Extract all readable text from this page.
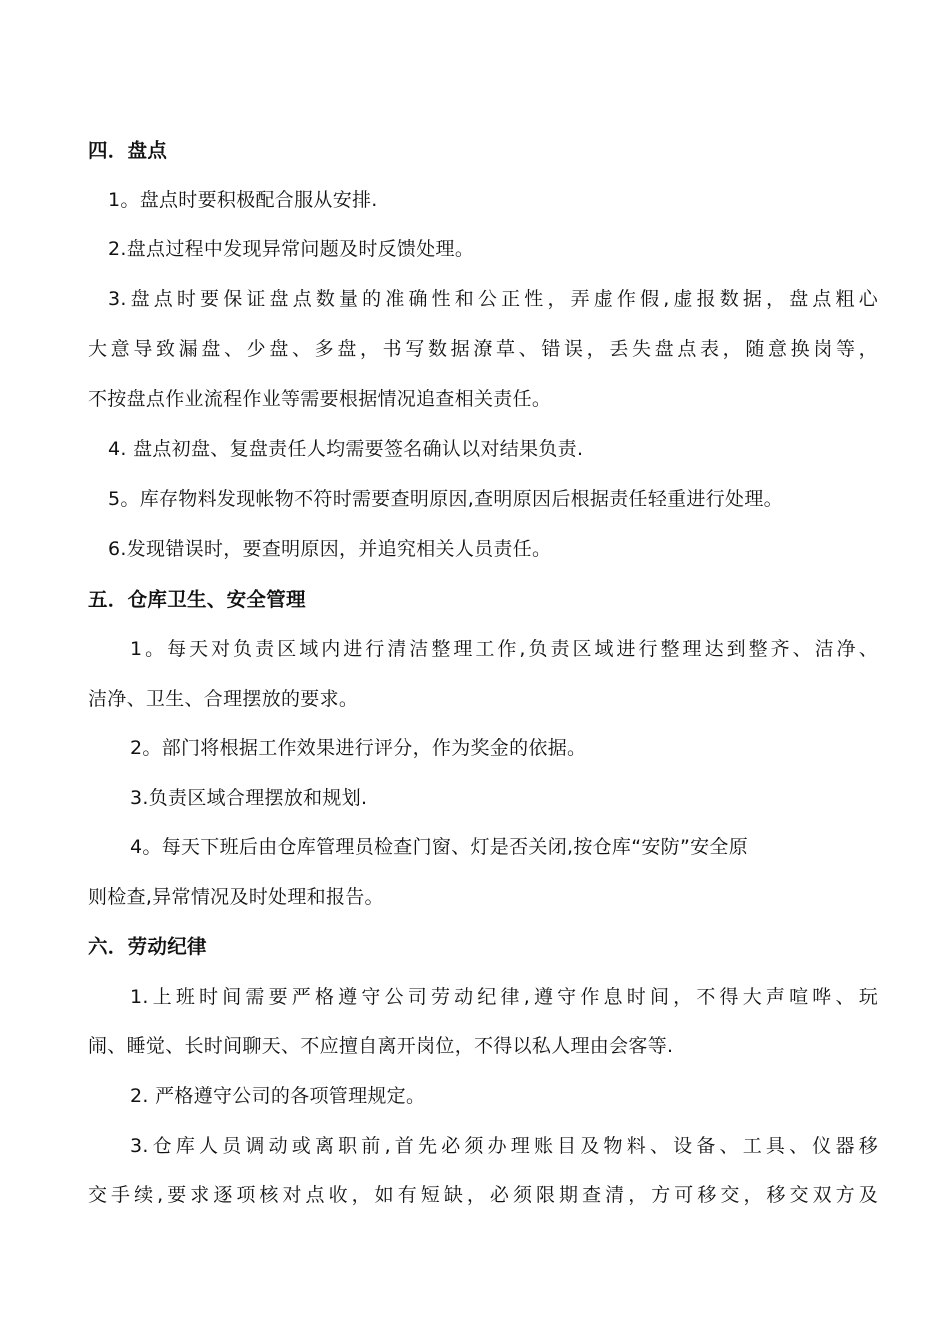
四．盘点
1。盘点时要积极配合服从安排.
2.盘点过程中发现异常问题及时反馈处理。
3.盘点时要保证盘点数量的准确性和公正性，弄虚作假,虚报数据，盘点粗心
大意导致漏盘、少盘、多盘，书写数据潦草、错误，丢失盘点表，随意换岗等，
不按盘点作业流程作业等需要根据情况追查相关责任。
4. 盘点初盘、复盘责任人均需要签名确认以对结果负责.
5。库存物料发现帐物不符时需要查明原因,查明原因后根据责任轻重进行处理。
6.发现错误时，要查明原因，并追究相关人员责任。
五．仓库卫生、安全管理
1。每天对负责区域内进行清洁整理工作,负责区域进行整理达到整齐、洁净、
洁净、卫生、合理摆放的要求。
2。部门将根据工作效果进行评分，作为奖金的依据。
3.负责区域合理摆放和规划.
4。每天下班后由仓库管理员检查门窗、灯是否关闭,按仓库“安防”安全原
则检查,异常情况及时处理和报告。
六．劳动纪律
1.上班时间需要严格遵守公司劳动纪律,遵守作息时间，不得大声喧哗、玩
闹、睡觉、长时间聊天、不应擅自离开岗位，不得以私人理由会客等.
2. 严格遵守公司的各项管理规定。
3.仓库人员调动或离职前,首先必须办理账目及物料、设备、工具、仪器移
交手续,要求逐项核对点收，如有短缺，必须限期查清，方可移交，移交双方及
